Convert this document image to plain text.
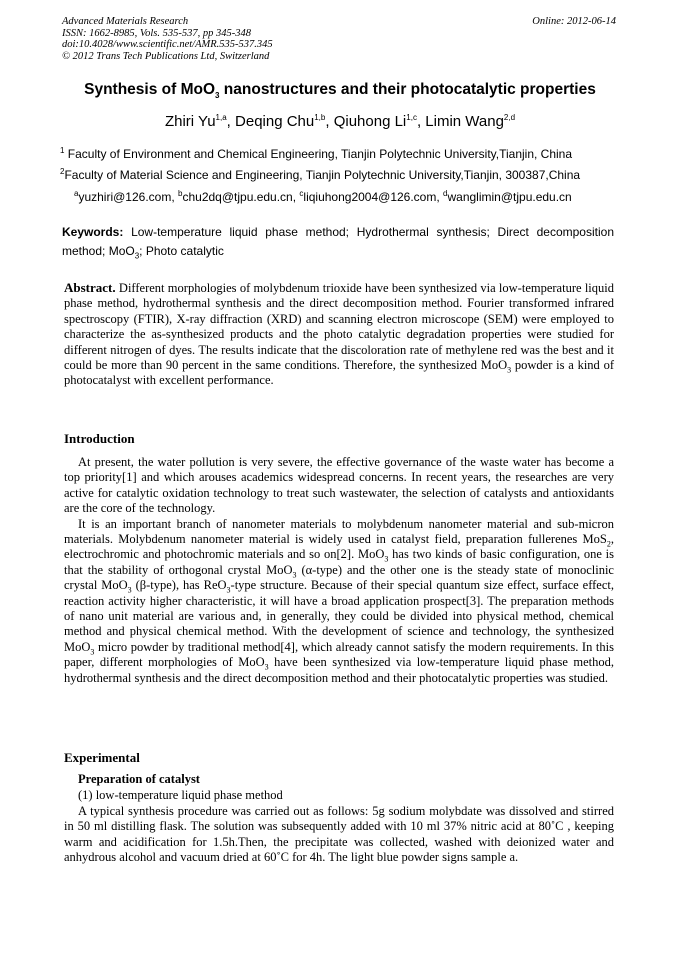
Advanced Materials Research
ISSN: 1662-8985, Vols. 535-537, pp 345-348
doi:10.4028/www.scientific.net/AMR.535-537.345
© 2012 Trans Tech Publications Ltd, Switzerland
Online: 2012-06-14
Synthesis of MoO$_3$ nanostructures and their photocatalytic properties
Zhiri Yu$^{1,a}$, Deqing Chu$^{1,b}$, Qiuhong Li$^{1,c}$, Limin Wang$^{2,d}$
$^1$ Faculty of Environment and Chemical Engineering, Tianjin Polytechnic University,Tianjin, China
$^2$Faculty of Material Science and Engineering, Tianjin Polytechnic University,Tianjin, 300387,China
$^a$yuzhiri@126.com, $^b$chu2dq@tjpu.edu.cn, $^c$liqiuhong2004@126.com, $^d$wanglimin@tjpu.edu.cn
Keywords: Low-temperature liquid phase method; Hydrothermal synthesis; Direct decomposition method; MoO$_3$; Photo catalytic
Abstract. Different morphologies of molybdenum trioxide have been synthesized via low-temperature liquid phase method, hydrothermal synthesis and the direct decomposition method. Fourier transformed infrared spectroscopy (FTIR), X-ray diffraction (XRD) and scanning electron microscope (SEM) were employed to characterize the as-synthesized products and the photo catalytic degradation properties were studied for different nitrogen of dyes. The results indicate that the discoloration rate of methylene red was the best and it could be more than 90 percent in the same conditions. Therefore, the synthesized MoO$_3$ powder is a kind of photocatalyst with excellent performance.
Introduction

At present, the water pollution is very severe, the effective governance of the waste water has become a top priority[1] and which arouses academics widespread concerns. In recent years, the researches are very active for catalytic oxidation technology to treat such wastewater, the selection of catalysts and antioxidants are the core of the technology.

It is an important branch of nanometer materials to molybdenum nanometer material and sub-micron materials. Molybdenum nanometer material is widely used in catalyst field, preparation fullerenes MoS$_2$, electrochromic and photochromic materials and so on[2]. MoO$_3$ has two kinds of basic configuration, one is that the stability of orthogonal crystal MoO$_3$ (α-type) and the other one is the steady state of monoclinic crystal MoO$_3$ (β-type), has ReO$_3$-type structure. Because of their special quantum size effect, surface effect, reaction activity higher characteristic, it will have a broad application prospect[3]. The preparation methods of nano unit material are various and, in generally, they could be divided into physical method, chemical method and physical chemical method. With the development of science and technology, the synthesized MoO$_3$ micro powder by traditional method[4], which already cannot satisfy the modern requirements. In this paper, different morphologies of MoO$_3$ have been synthesized via low-temperature liquid phase method, hydrothermal synthesis and the direct decomposition method and their photocatalytic properties was studied.

Experimental
Preparation of catalyst
(1) low-temperature liquid phase method

A typical synthesis procedure was carried out as follows: 5g sodium molybdate was dissolved and stirred in 50 ml distilling flask. The solution was subsequently added with 10 ml 37% nitric acid at 80˚C , keeping warm and acidification for 1.5h.Then, the precipitate was collected, washed with deionized water and anhydrous alcohol and vacuum dried at 60˚C for 4h. The light blue powder signs sample a.
